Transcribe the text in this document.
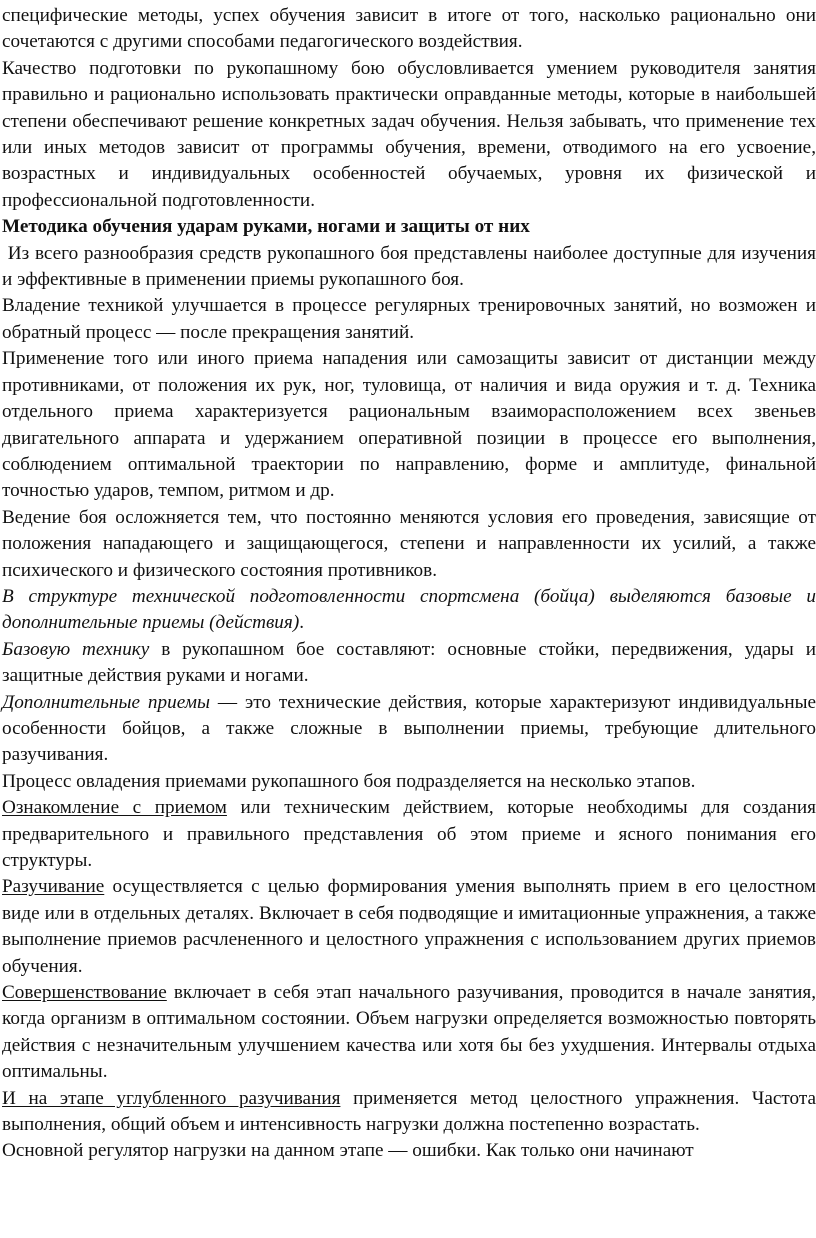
специфические методы, успех обучения зависит в итоге от того, насколько рационально они сочетаются с другими способами педагогического воздействия.

Качество подготовки по рукопашному бою обусловливается умением руководителя занятия правильно и рационально использовать практически оправданные методы, которые в наибольшей степени обеспечивают решение конкретных задач обучения. Нельзя забывать, что применение тех или иных методов зависит от программы обучения, времени, отводимого на его усвоение, возрастных и индивидуальных особенностей обучаемых, уровня их физической и профессиональной подготовленности.

Методика обучения ударам руками, ногами и защиты от них

Из всего разнообразия средств рукопашного боя представлены наиболее доступные для изучения и эффективные в применении приемы рукопашного боя.

Владение техникой улучшается в процессе регулярных тренировочных занятий, но возможен и обратный процесс — после прекращения занятий.

Применение того или иного приема нападения или самозащиты зависит от дистанции между противниками, от положения их рук, ног, туловища, от наличия и вида оружия и т. д. Техника отдельного приема характеризуется рациональным взаиморасположением всех звеньев двигательного аппарата и удержанием оперативной позиции в процессе его выполнения, соблюдением оптимальной траектории по направлению, форме и амплитуде, финальной точностью ударов, темпом, ритмом и др.

Ведение боя осложняется тем, что постоянно меняются условия его проведения, зависящие от положения нападающего и защищающегося, степени и направленности их усилий, а также психического и физического состояния противников.

В структуре технической подготовленности спортсмена (бойца) выделяются базовые и дополнительные приемы (действия).

Базовую технику в рукопашном бое составляют: основные стойки, передвижения, удары и защитные действия руками и ногами.

Дополнительные приемы — это технические действия, которые характеризуют индивидуальные особенности бойцов, а также сложные в выполнении приемы, требующие длительного разучивания.

Процесс овладения приемами рукопашного боя подразделяется на несколько этапов.

Ознакомление с приемом или техническим действием, которые необходимы для создания предварительного и правильного представления об этом приеме и ясного понимания его структуры.

Разучивание осуществляется с целью формирования умения выполнять прием в его целостном виде или в отдельных деталях. Включает в себя подводящие и имитационные упражнения, а также выполнение приемов расчлененного и целостного упражнения с использованием других приемов обучения.

Совершенствование включает в себя этап начального разучивания, проводится в начале занятия, когда организм в оптимальном состоянии. Объем нагрузки определяется возможностью повторять действия с незначительным улучшением качества или хотя бы без ухудшения. Интервалы отдыха оптимальны.

И на этапе углубленного разучивания применяется метод целостного упражнения. Частота выполнения, общий объем и интенсивность нагрузки должна постепенно возрастать.

Основной регулятор нагрузки на данном этапе — ошибки. Как только они начинают
